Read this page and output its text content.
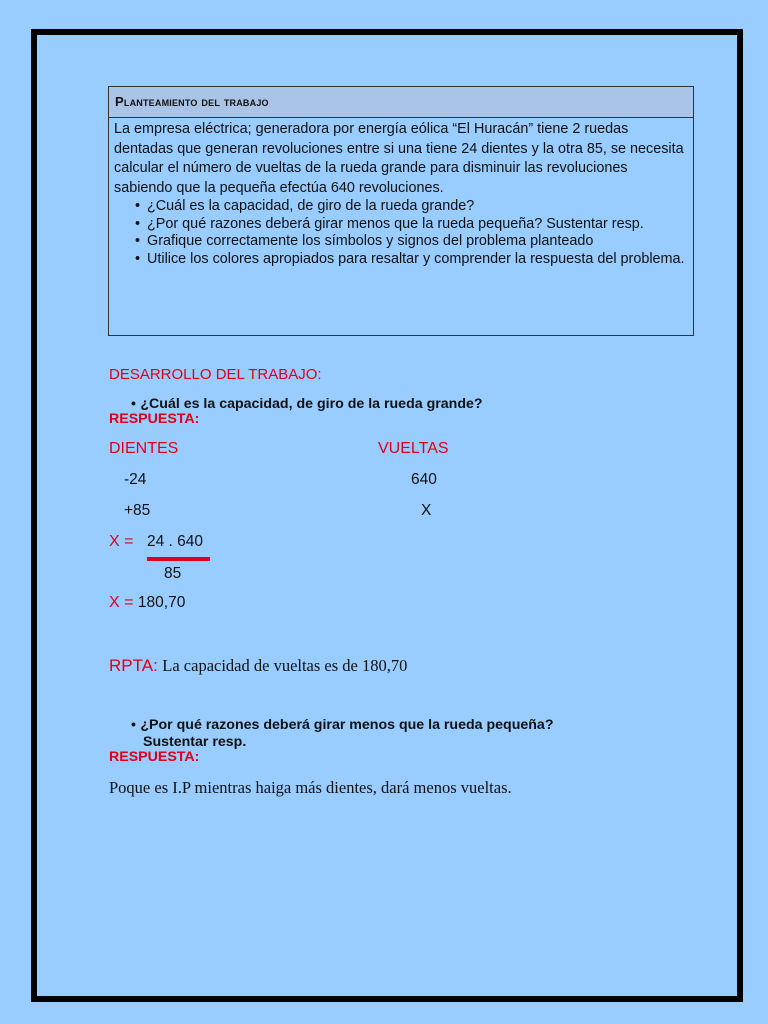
Planteamiento del trabajo
La empresa eléctrica; generadora por energía eólica “El Huracán” tiene 2 ruedas dentadas que generan revoluciones entre si una tiene 24 dientes y la otra 85, se necesita calcular el número de vueltas de la rueda grande para disminuir las revoluciones sabiendo que la pequeña efectúa 640 revoluciones.
• ¿Cuál es la capacidad, de giro de la rueda grande?
• ¿Por qué razones deberá girar menos que la rueda pequeña? Sustentar resp.
• Grafique correctamente los símbolos y signos del problema planteado
• Utilice los colores apropiados para resaltar y comprender la respuesta del problema.
DESARROLLO DEL TRABAJO:
• ¿Cuál es la capacidad, de giro de la rueda grande?
RESPUESTA:
DIENTES	VUELTAS
-24	640
+85	X
X = 24 . 640
85
X = 180,70
RPTA: La capacidad de vueltas es de 180,70
• ¿Por qué razones deberá girar menos que la rueda pequeña?
Sustentar resp.
RESPUESTA:
Poque es I.P mientras haiga más dientes, dará menos vueltas.
